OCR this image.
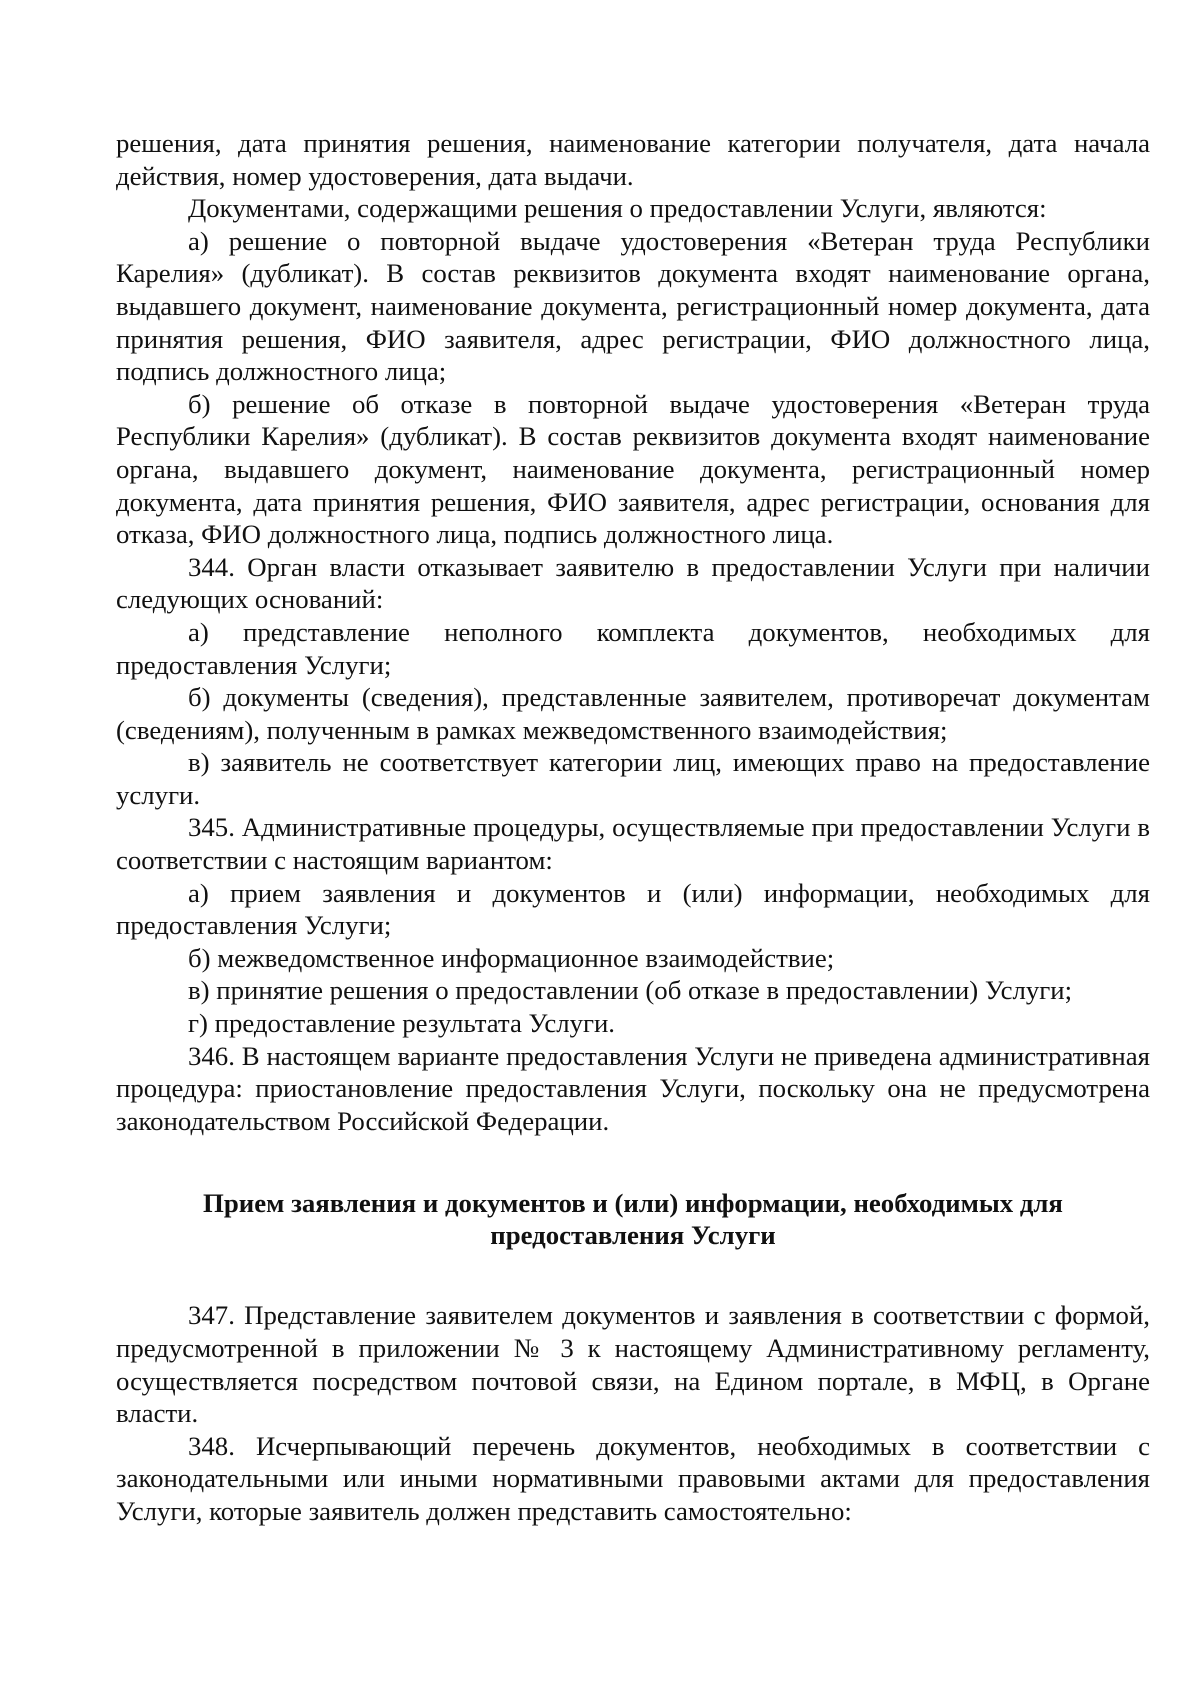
решения, дата принятия решения, наименование категории получателя, дата начала действия, номер удостоверения, дата выдачи.

Документами, содержащими решения о предоставлении Услуги, являются:

а) решение о повторной выдаче удостоверения «Ветеран труда Республики Карелия» (дубликат). В состав реквизитов документа входят наименование органа, выдавшего документ, наименование документа, регистрационный номер документа, дата принятия решения, ФИО заявителя, адрес регистрации, ФИО должностного лица, подпись должностного лица;

б) решение об отказе в повторной выдаче удостоверения «Ветеран труда Республики Карелия» (дубликат). В состав реквизитов документа входят наименование органа, выдавшего документ, наименование документа, регистрационный номер документа, дата принятия решения, ФИО заявителя, адрес регистрации, основания для отказа, ФИО должностного лица, подпись должностного лица.

344. Орган власти отказывает заявителю в предоставлении Услуги при наличии следующих оснований:

а) представление неполного комплекта документов, необходимых для предоставления Услуги;

б) документы (сведения), представленные заявителем, противоречат документам (сведениям), полученным в рамках межведомственного взаимодействия;

в) заявитель не соответствует категории лиц, имеющих право на предоставление услуги.

345. Административные процедуры, осуществляемые при предоставлении Услуги в соответствии с настоящим вариантом:

а) прием заявления и документов и (или) информации, необходимых для предоставления Услуги;

б) межведомственное информационное взаимодействие;

в) принятие решения о предоставлении (об отказе в предоставлении) Услуги;

г) предоставление результата Услуги.

346. В настоящем варианте предоставления Услуги не приведена административная процедура: приостановление предоставления Услуги, поскольку она не предусмотрена законодательством Российской Федерации.

Прием заявления и документов и (или) информации, необходимых для
предоставления Услуги

347. Представление заявителем документов и заявления в соответствии с формой, предусмотренной в приложении № 3 к настоящему Административному регламенту, осуществляется посредством почтовой связи, на Едином портале, в МФЦ, в Органе власти.

348. Исчерпывающий перечень документов, необходимых в соответствии с законодательными или иными нормативными правовыми актами для предоставления Услуги, которые заявитель должен представить самостоятельно:
